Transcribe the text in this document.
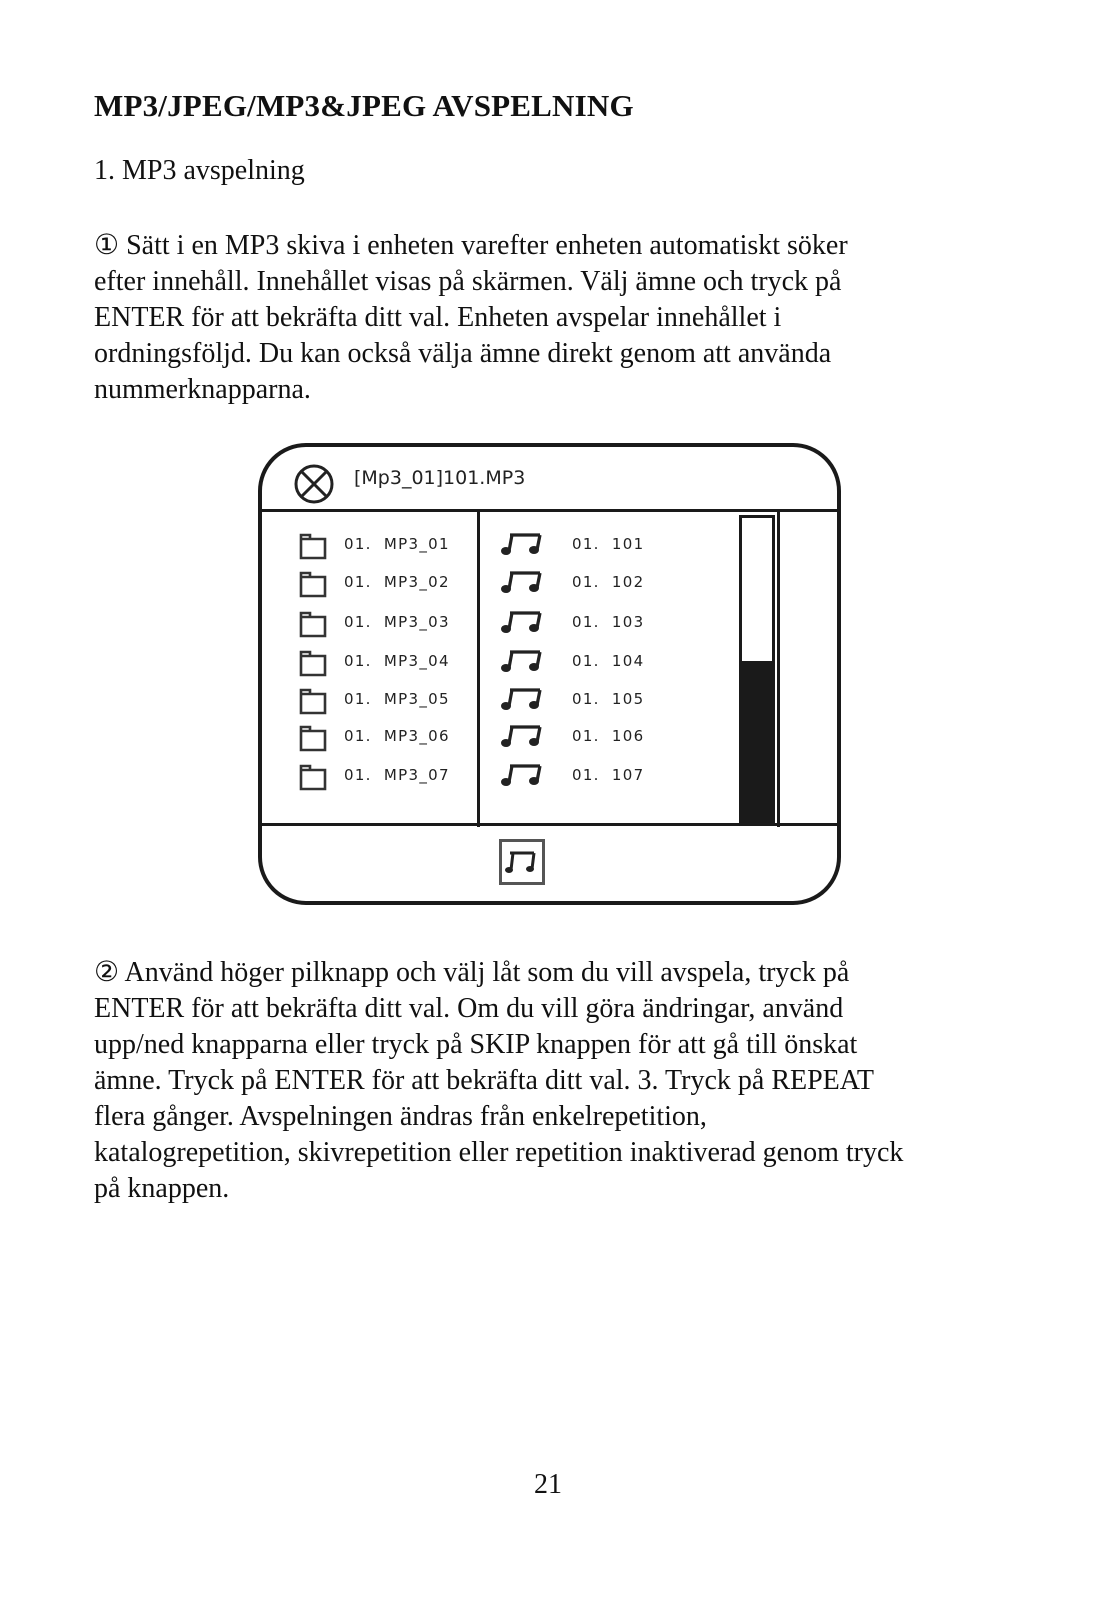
MP3/JPEG/MP3&JPEG AVSPELNING
1. MP3 avspelning
① Sätt i en MP3 skiva i enheten varefter enheten automatiskt söker
efter innehåll. Innehållet visas på skärmen. Välj ämne och tryck på
ENTER för att bekräfta ditt val. Enheten avspelar innehållet i
ordningsföljd. Du kan också välja ämne direkt genom att använda
nummerknapparna.
[Mp3_01]101.MP3
01. MP3_01
01. MP3_02
01. MP3_03
01. MP3_04
01. MP3_05
01. MP3_06
01. MP3_07
01. 101
01. 102
01. 103
01. 104
01. 105
01. 106
01. 107
② Använd höger pilknapp och välj låt som du vill avspela, tryck på
ENTER för att bekräfta ditt val. Om du vill göra ändringar, använd
upp/ned knapparna eller tryck på SKIP knappen för att gå till önskat
ämne. Tryck på ENTER för att bekräfta ditt val. 3. Tryck på REPEAT
flera gånger. Avspelningen ändras från enkelrepetition,
katalogrepetition, skivrepetition eller repetition inaktiverad genom tryck
på knappen.
21
